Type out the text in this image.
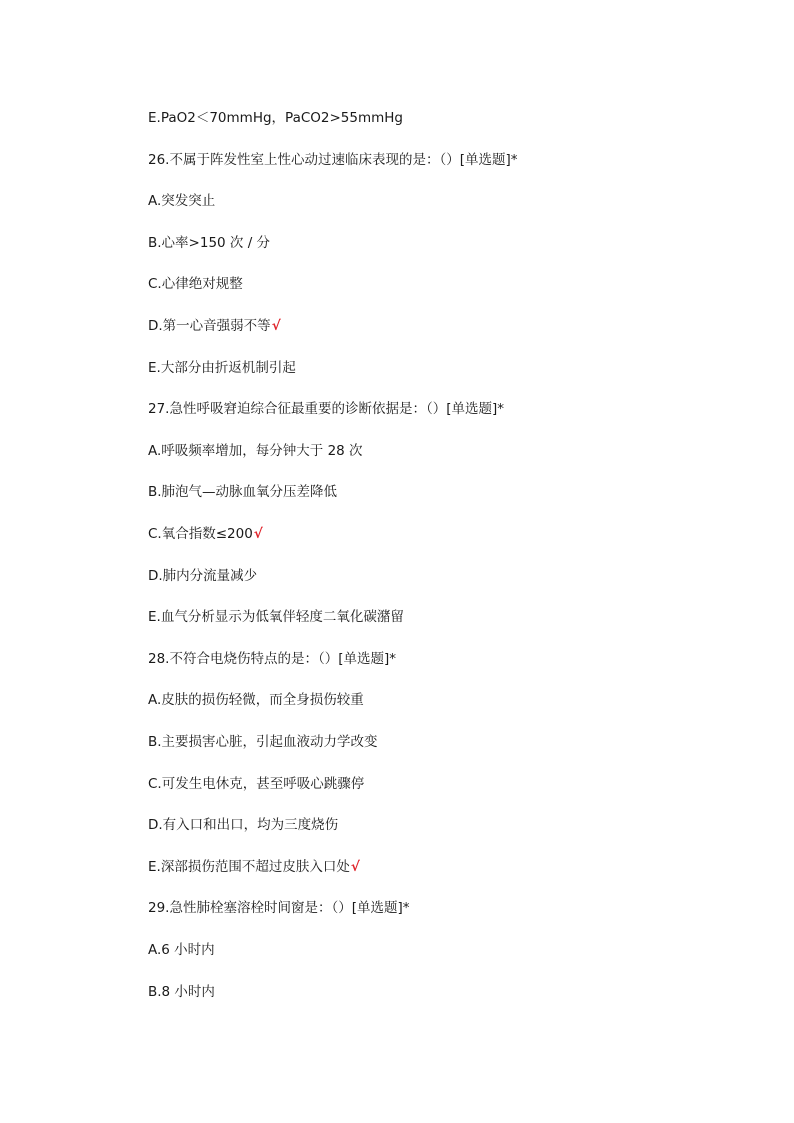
E.PaO2＜70mmHg，PaCO2>55mmHg
26.不属于阵发性室上性心动过速临床表现的是：（）[单选题]*
A.突发突止
B.心率>150 次 / 分
C.心律绝对规整
D.第一心音强弱不等√
E.大部分由折返机制引起
27.急性呼吸窘迫综合征最重要的诊断依据是：（）[单选题]*
A.呼吸频率增加，每分钟大于 28 次
B.肺泡气—动脉血氧分压差降低
C.氧合指数≤200√
D.肺内分流量减少
E.血气分析显示为低氧伴轻度二氧化碳潴留
28.不符合电烧伤特点的是：（）[单选题]*
A.皮肤的损伤轻微，而全身损伤较重
B.主要损害心脏，引起血液动力学改变
C.可发生电休克，甚至呼吸心跳骤停
D.有入口和出口，均为三度烧伤
E.深部损伤范围不超过皮肤入口处√
29.急性肺栓塞溶栓时间窗是：（）[单选题]*
A.6 小时内
B.8 小时内
